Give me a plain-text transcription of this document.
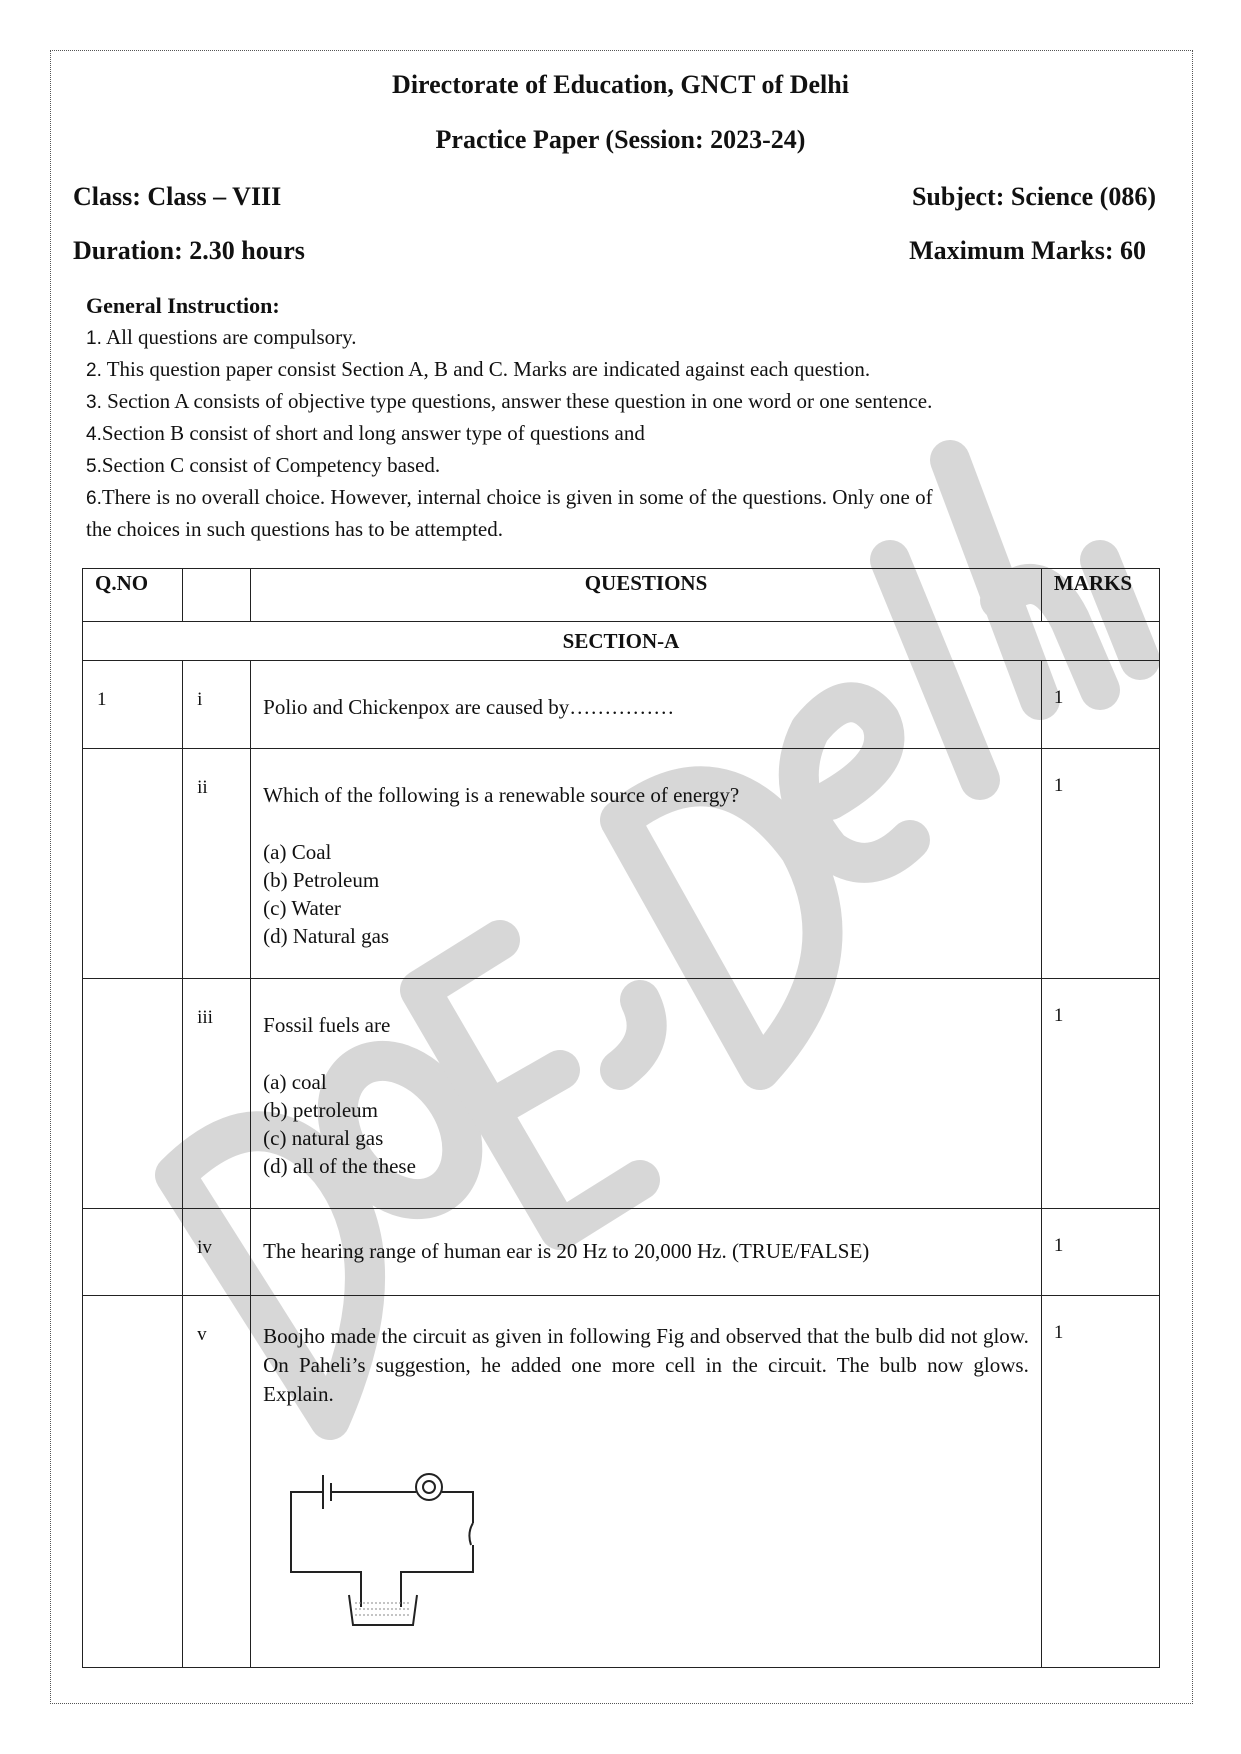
Directorate of Education, GNCT of Delhi
Practice Paper (Session: 2023-24)
Class: Class – VIII	Subject: Science (086)
Duration: 2.30 hours	Maximum Marks: 60
General Instruction:
1. All questions are compulsory.
2. This question paper consist Section A, B and C. Marks are indicated against each question.
3. Section A consists of objective type questions, answer these question in one word or one sentence.
4.Section B consist of short and long answer type of questions and
5.Section C consist of Competency based.
6.There is no overall choice. However, internal choice is given in some of the questions. Only one of
the choices in such questions has to be attempted.
Q.NO		QUESTIONS	MARKS

SECTION-A			
1	i	Polio and Chickenpox are caused by……………	1
	ii	Which of the following is a renewable source of energy?
(a) Coal
(b) Petroleum
(c) Water
(d) Natural gas	1
	iii	Fossil fuels are
(a) coal
(b) petroleum
(c) natural gas
(d) all of the these	1
	iv	The hearing range of human ear is 20 Hz to 20,000 Hz. (TRUE/FALSE)	1
	v	Boojho made the circuit as given in following Fig and observed that the bulb did not glow. On Paheli’s suggestion, he added one more cell in the circuit. The bulb now glows. Explain.	1
